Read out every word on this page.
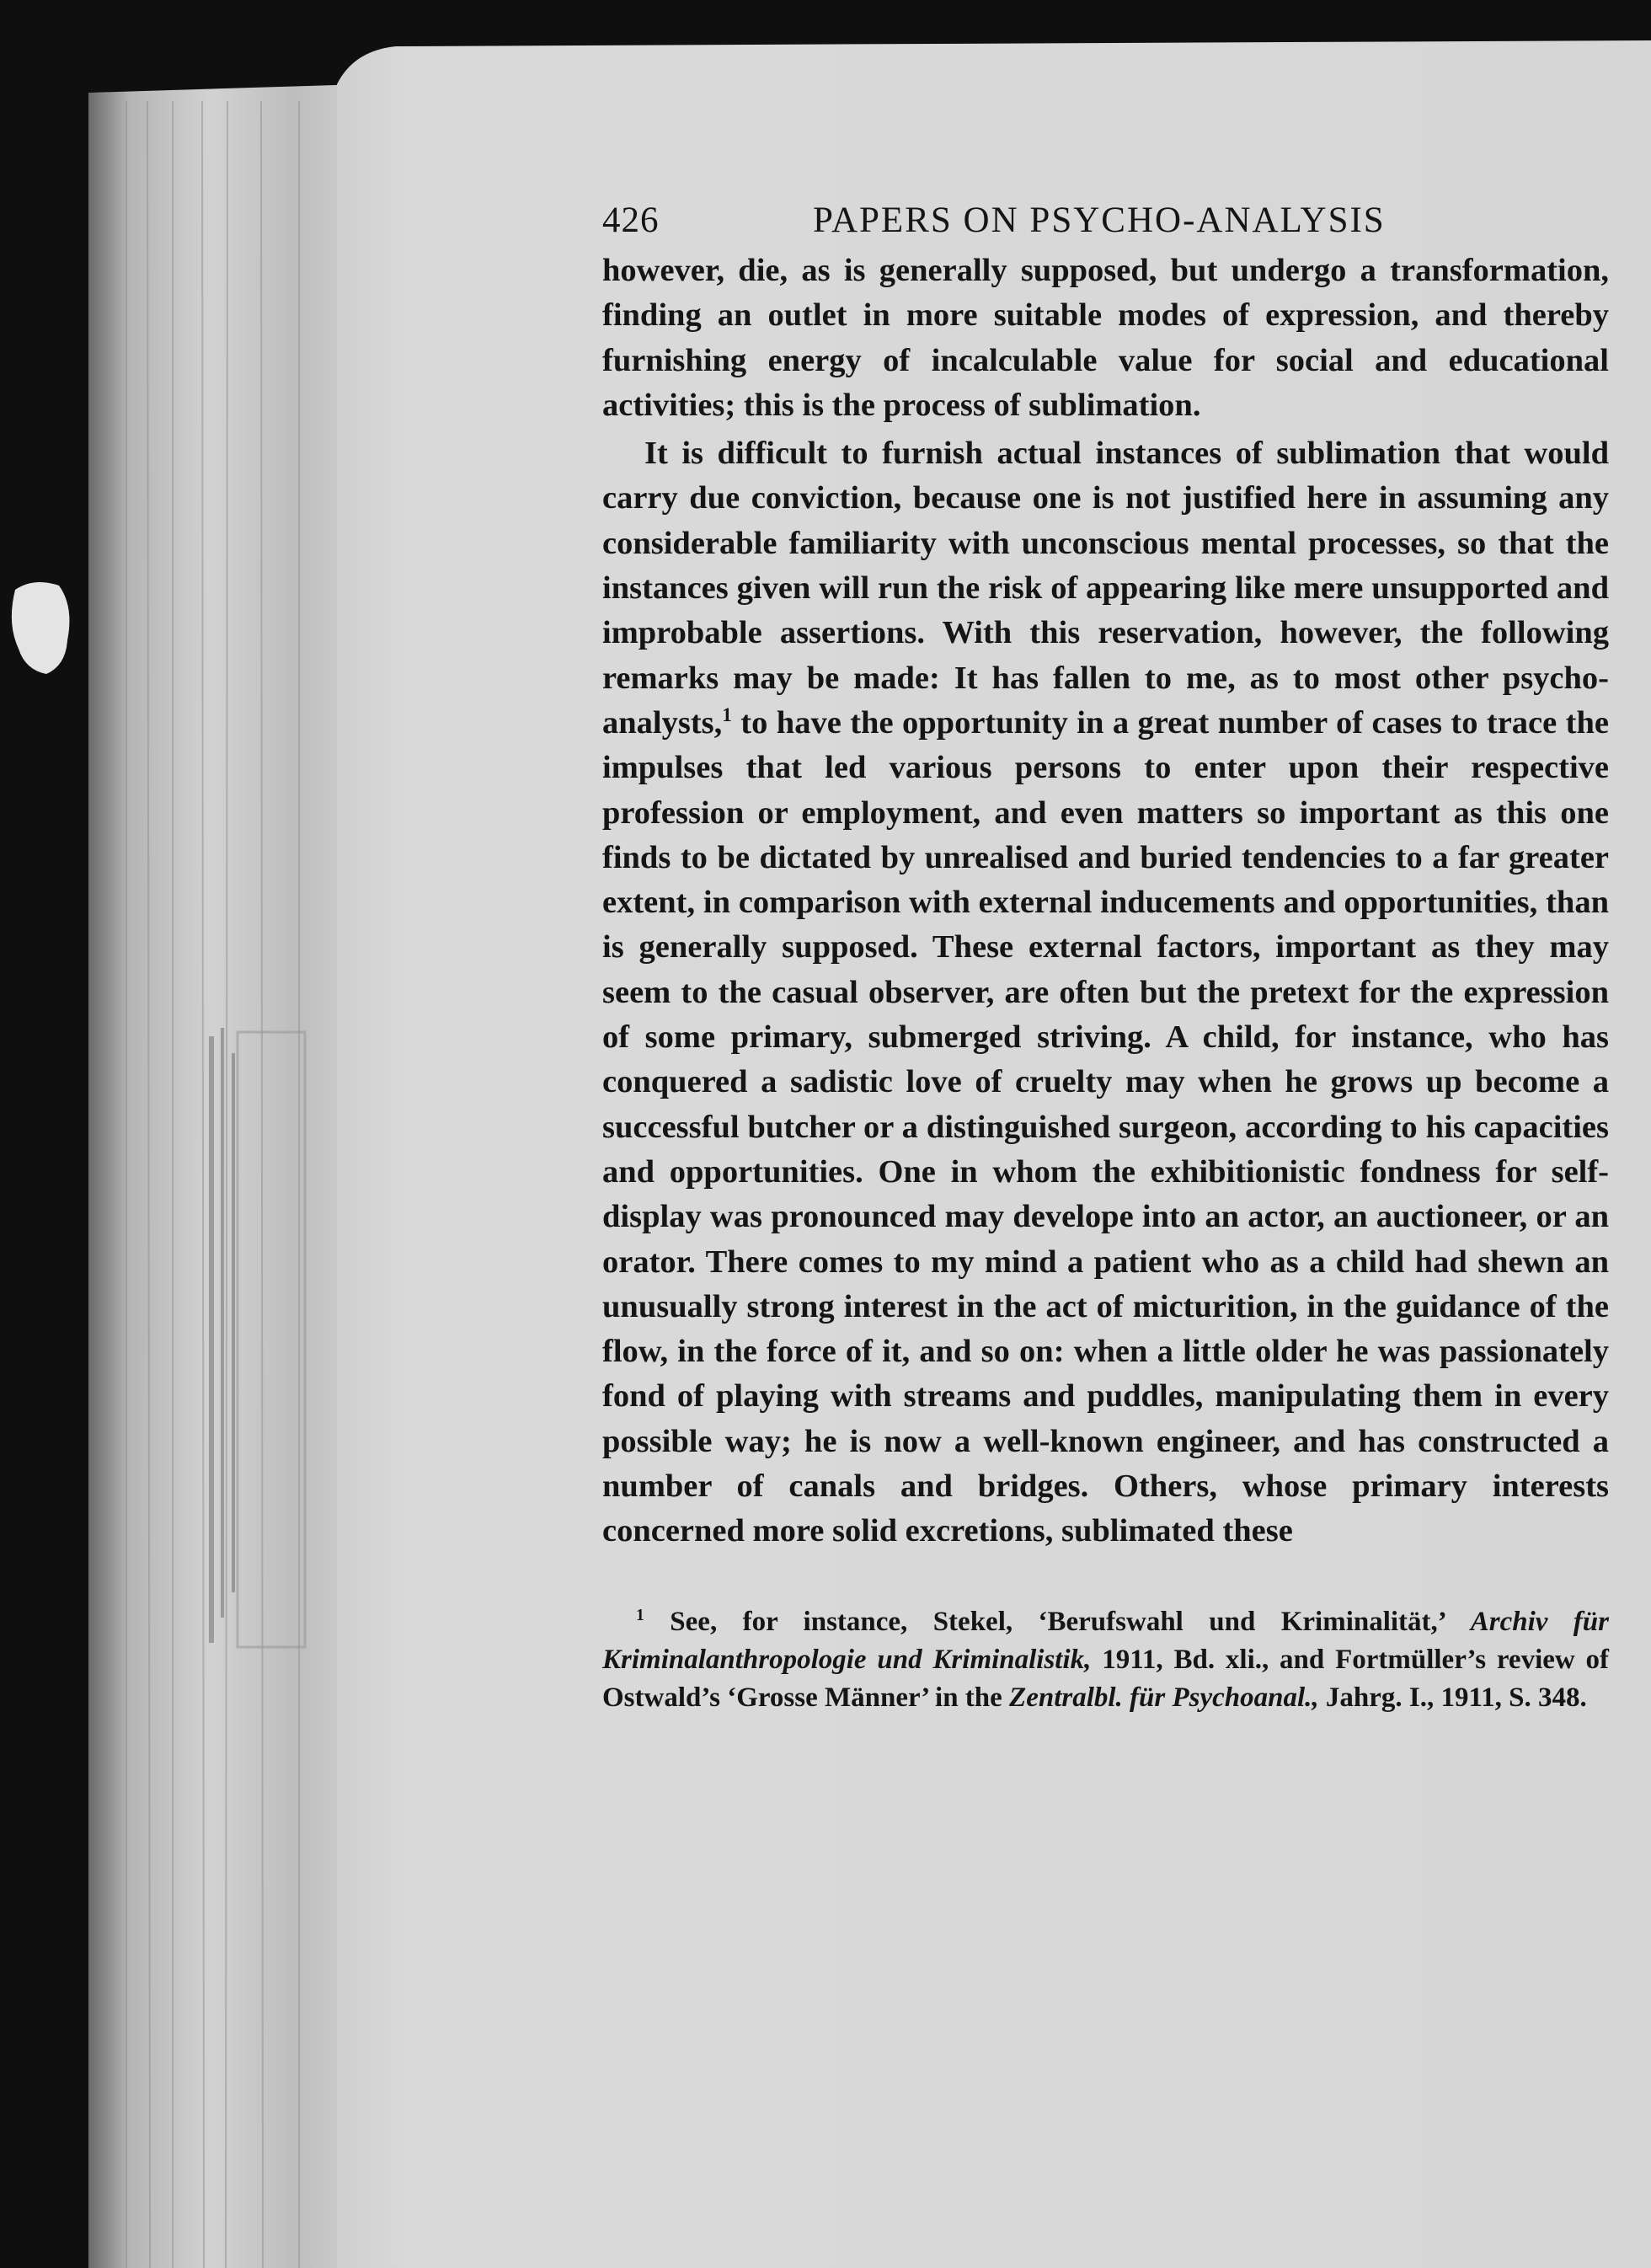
426	PAPERS ON PSYCHO-ANALYSIS

however, die, as is generally supposed, but undergo a transformation, finding an outlet in more suitable modes of expression, and thereby furnishing energy of incalculable value for social and educational activities; this is the process of sublimation.

It is difficult to furnish actual instances of sublimation that would carry due conviction, because one is not justified here in assuming any considerable familiarity with unconscious mental processes, so that the instances given will run the risk of appearing like mere unsupported and improbable assertions. With this reservation, however, the following remarks may be made: It has fallen to me, as to most other psycho-analysts,$^1$ to have the opportunity in a great number of cases to trace the impulses that led various persons to enter upon their respective profession or employment, and even matters so important as this one finds to be dictated by unrealised and buried tendencies to a far greater extent, in comparison with external inducements and opportunities, than is generally supposed. These external factors, important as they may seem to the casual observer, are often but the pretext for the expression of some primary, submerged striving. A child, for instance, who has conquered a sadistic love of cruelty may when he grows up become a successful butcher or a distinguished surgeon, according to his capacities and opportunities. One in whom the exhibitionistic fondness for self-display was pronounced may develope into an actor, an auctioneer, or an orator. There comes to my mind a patient who as a child had shewn an unusually strong interest in the act of micturition, in the guidance of the flow, in the force of it, and so on: when a little older he was passionately fond of playing with streams and puddles, manipulating them in every possible way; he is now a well-known engineer, and has constructed a number of canals and bridges. Others, whose primary interests concerned more solid excretions, sublimated these

$^1$ See, for instance, Stekel, ‘Berufswahl und Kriminalität,’ Archiv für Kriminalanthropologie und Kriminalistik, 1911, Bd. xli., and Fortmüller’s review of Ostwald’s ‘Grosse Männer’ in the Zentralbl. für Psychoanal., Jahrg. I., 1911, S. 348.
